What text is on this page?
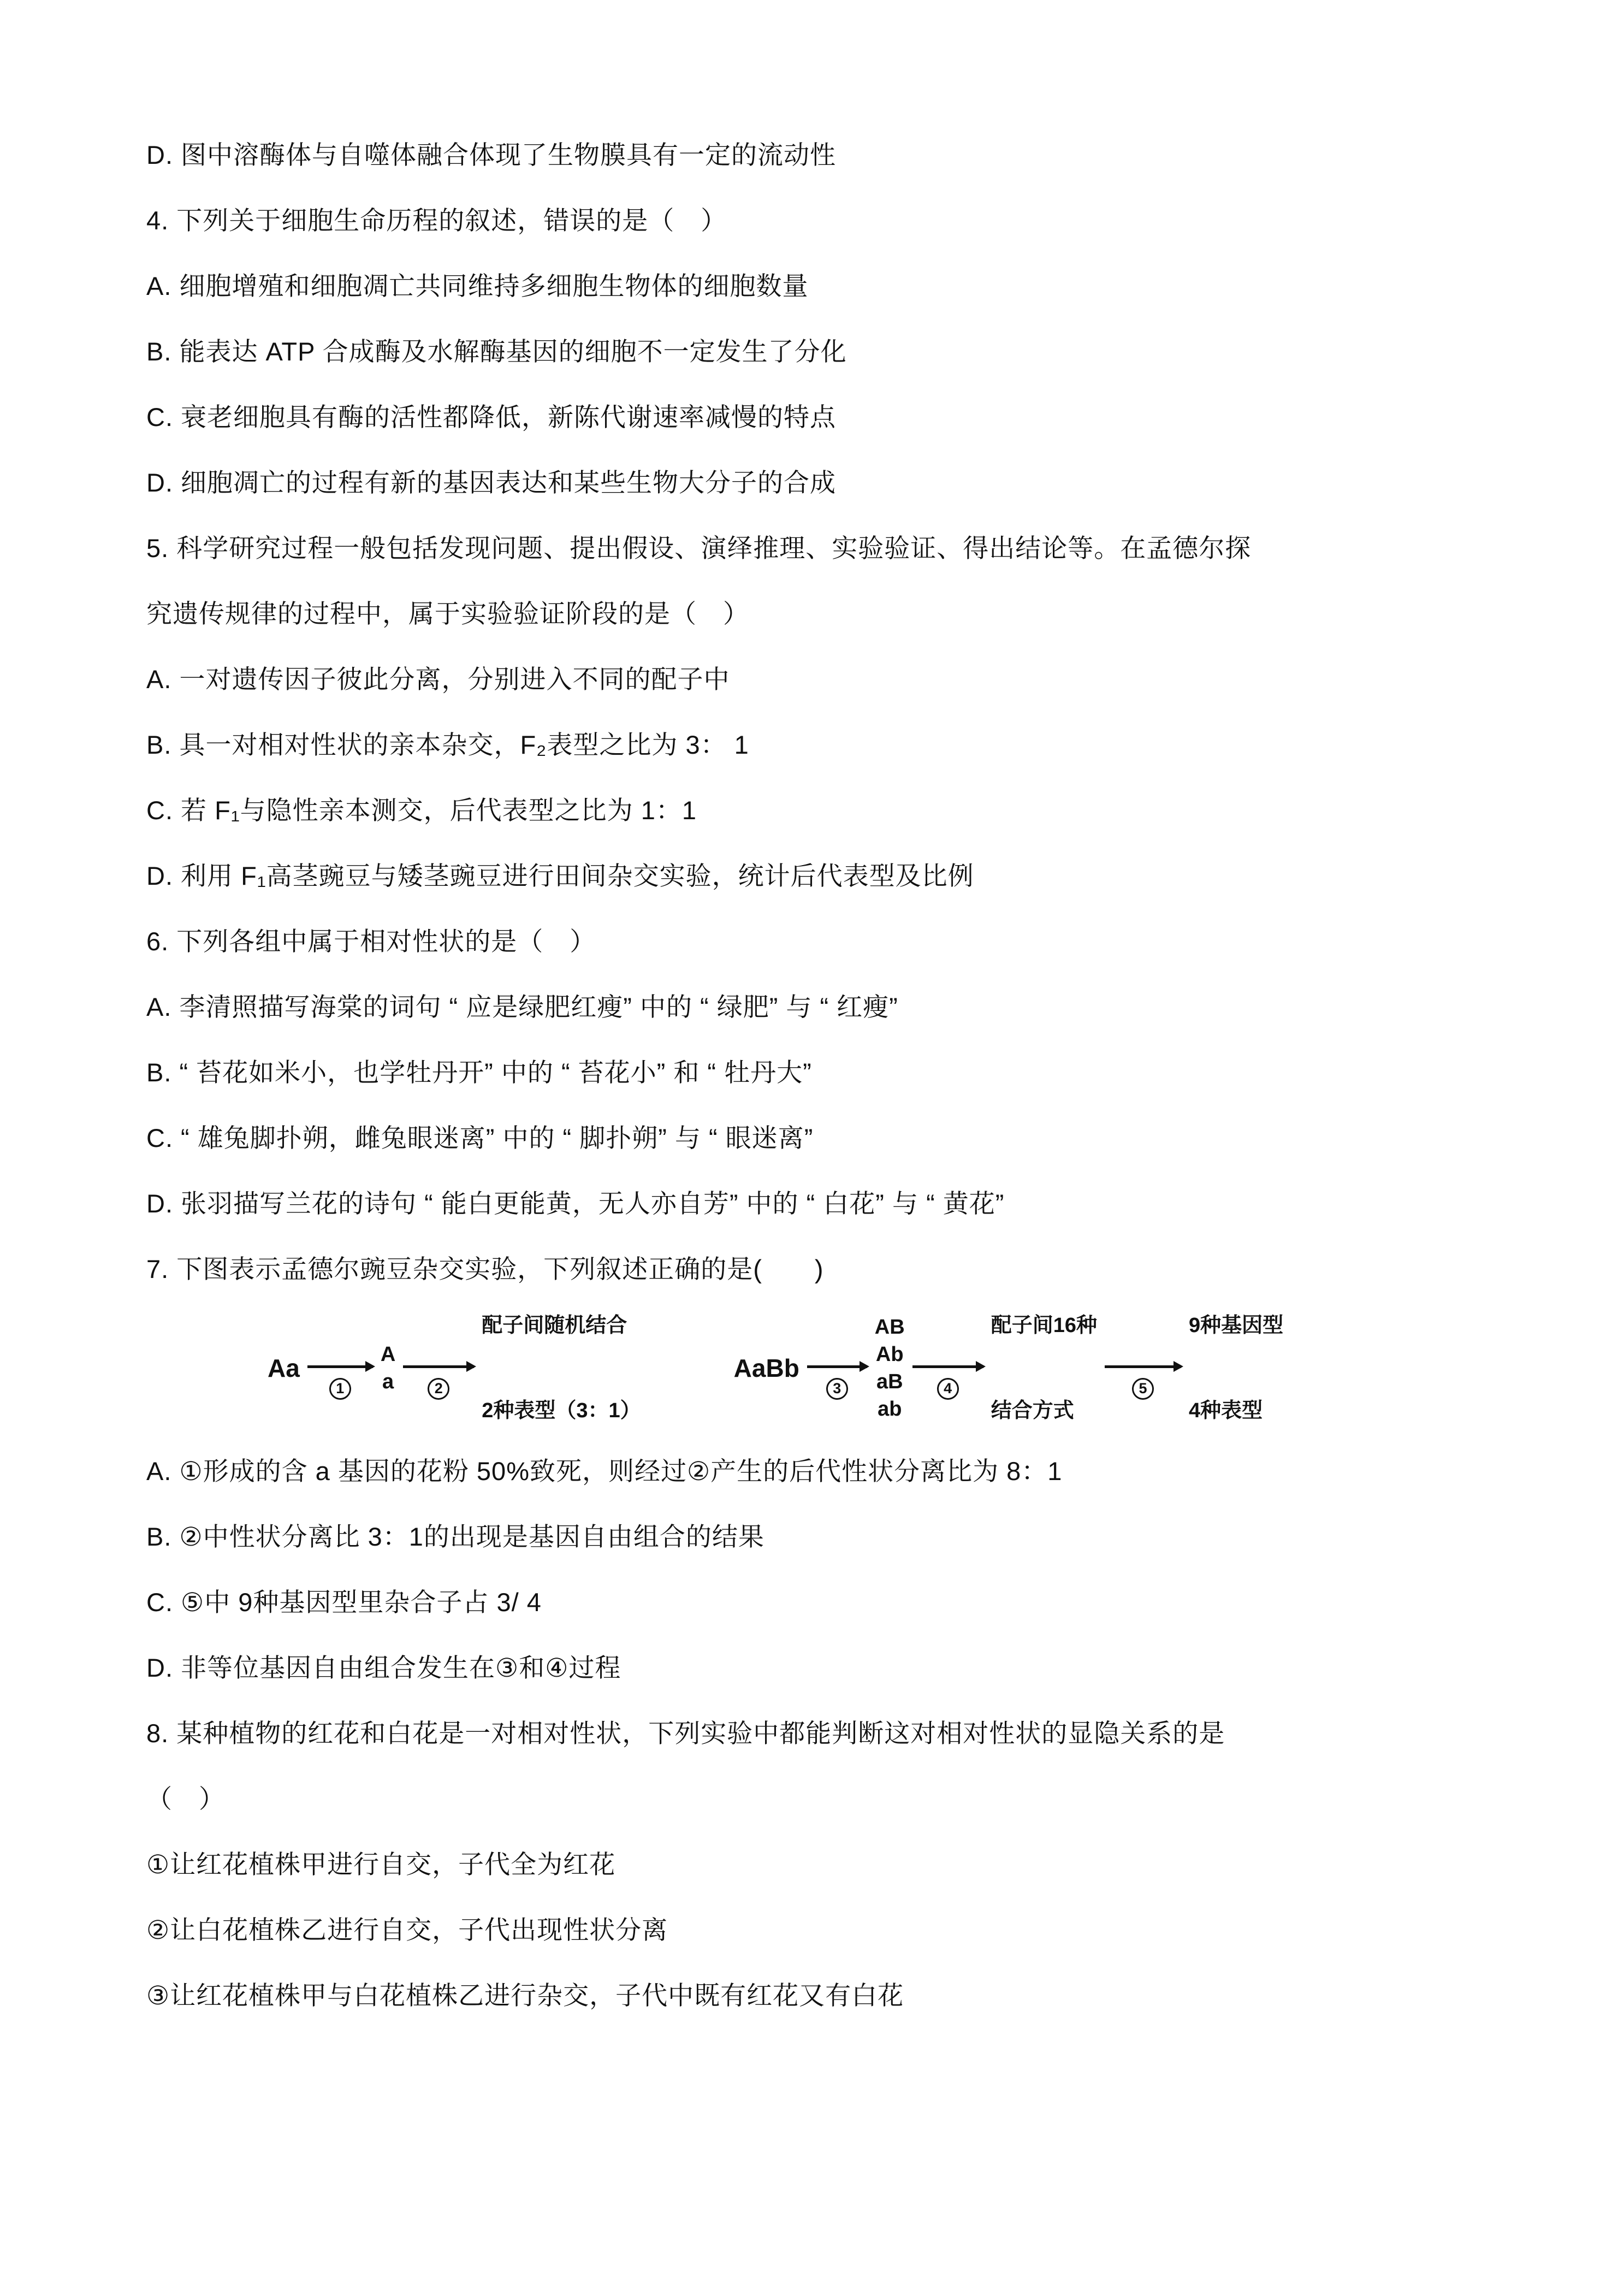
D. 图中溶酶体与自噬体融合体现了生物膜具有一定的流动性
4. 下列关于细胞生命历程的叙述，错误的是（　）
A. 细胞增殖和细胞凋亡共同维持多细胞生物体的细胞数量
B. 能表达 ATP 合成酶及水解酶基因的细胞不一定发生了分化
C. 衰老细胞具有酶的活性都降低，新陈代谢速率减慢的特点
D. 细胞凋亡的过程有新的基因表达和某些生物大分子的合成
5. 科学研究过程一般包括发现问题、提出假设、演绎推理、实验验证、得出结论等。在孟德尔探
究遗传规律的过程中，属于实验验证阶段的是（　）
A. 一对遗传因子彼此分离，分别进入不同的配子中
B. 具一对相对性状的亲本杂交，F₂表型之比为 3： 1
C. 若 F₁与隐性亲本测交，后代表型之比为 1：1
D. 利用 F₁高茎豌豆与矮茎豌豆进行田间杂交实验，统计后代表型及比例
6. 下列各组中属于相对性状的是（　）
A. 李清照描写海棠的词句 “ 应是绿肥红瘦” 中的 “ 绿肥” 与 “ 红瘦”
B. “ 苔花如米小，也学牡丹开” 中的 “ 苔花小” 和 “ 牡丹大”
C. “ 雄兔脚扑朔，雌兔眼迷离” 中的 “ 脚扑朔” 与 “ 眼迷离”
D. 张羽描写兰花的诗句 “ 能白更能黄，无人亦自芳” 中的 “ 白花” 与 “ 黄花”
7. 下图表示孟德尔豌豆杂交实验，下列叙述正确的是(　　)
Aa
1
A
a	2

配子间随机结合

2种表型（3：1）

AaBb
3
AB
Ab
aB
ab
4

配子间16种

结合方式

5

9种基因型

4种表型

A. ①形成的含 a 基因的花粉 50%致死，则经过②产生的后代性状分离比为 8：1
B. ②中性状分离比 3：1的出现是基因自由组合的结果
C. ⑤中 9种基因型里杂合子占 3/ 4
D. 非等位基因自由组合发生在③和④过程
8. 某种植物的红花和白花是一对相对性状，下列实验中都能判断这对相对性状的显隐关系的是
（　）
①让红花植株甲进行自交，子代全为红花
②让白花植株乙进行自交，子代出现性状分离
③让红花植株甲与白花植株乙进行杂交，子代中既有红花又有白花
